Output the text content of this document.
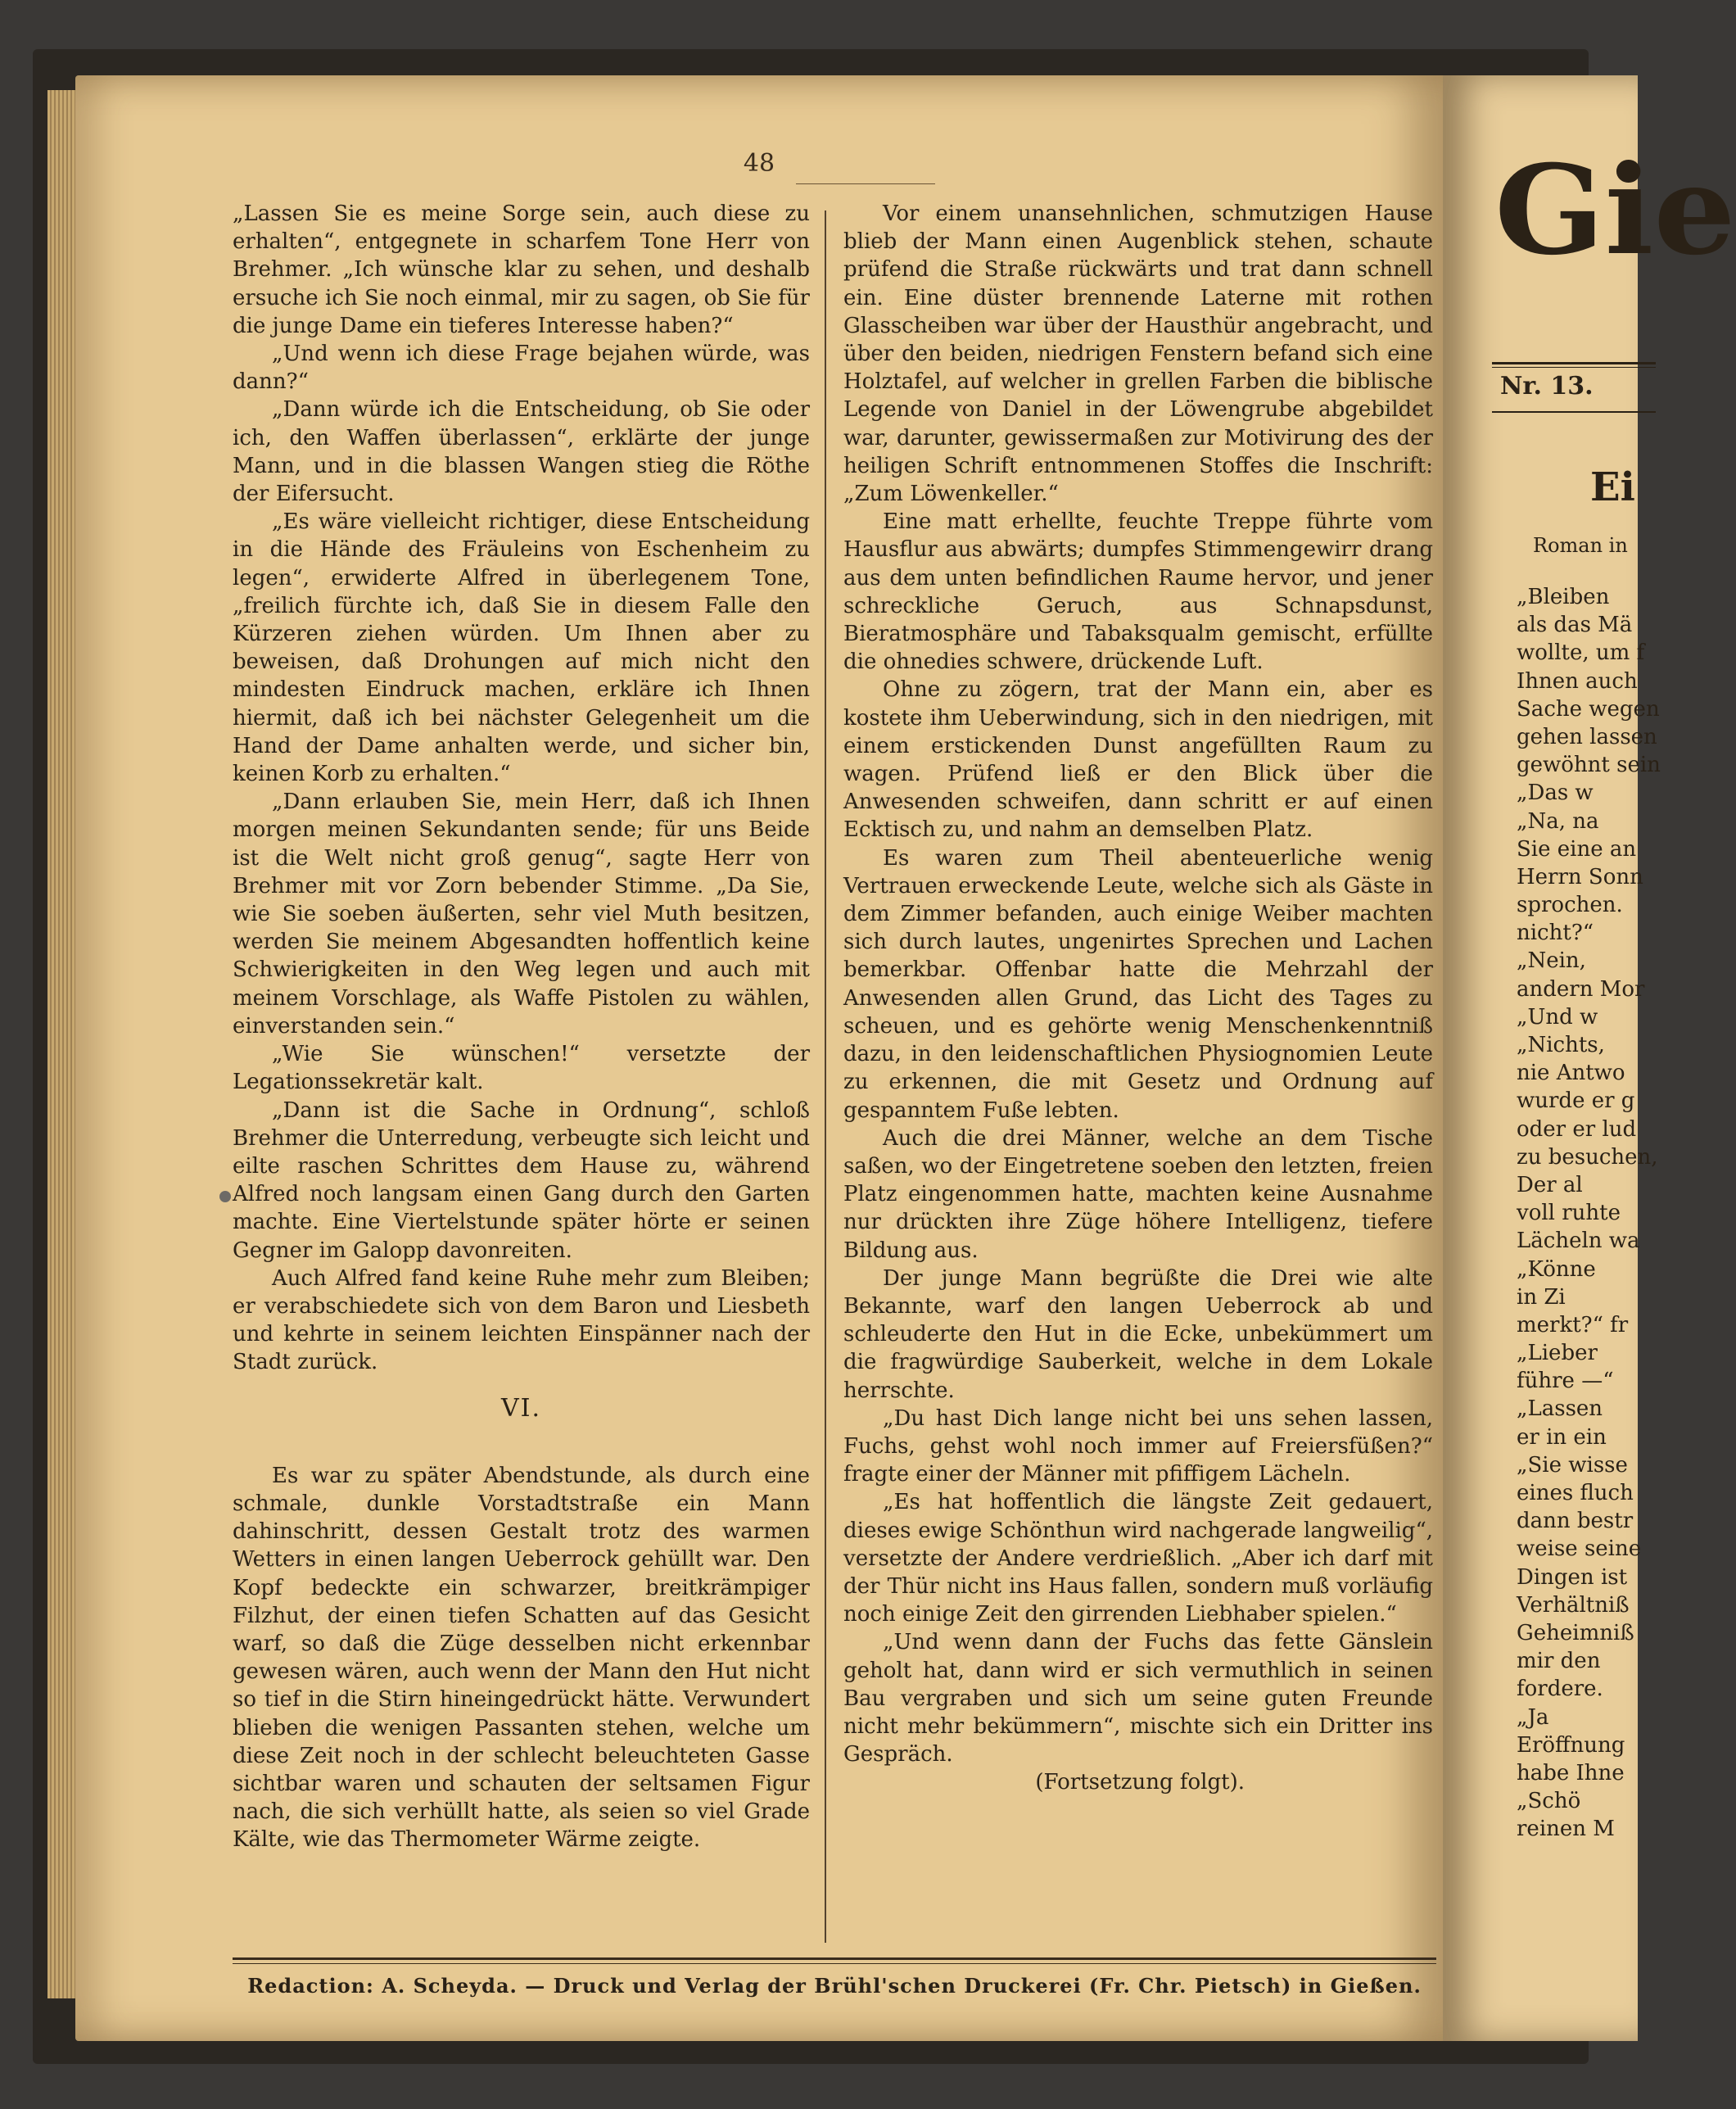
48

„Lassen Sie es meine Sorge sein, auch diese zu erhalten“, entgegnete in scharfem Tone Herr von Brehmer. „Ich wünsche klar zu sehen, und deshalb ersuche ich Sie noch einmal, mir zu sagen, ob Sie für die junge Dame ein tieferes Interesse haben?“

„Und wenn ich diese Frage bejahen würde, was dann?“

„Dann würde ich die Entscheidung, ob Sie oder ich, den Waffen überlassen“, erklärte der junge Mann, und in die blassen Wangen stieg die Röthe der Eifersucht.

„Es wäre vielleicht richtiger, diese Entscheidung in die Hände des Fräuleins von Eschenheim zu legen“, erwiderte Alfred in überlegenem Tone, „freilich fürchte ich, daß Sie in diesem Falle den Kürzeren ziehen würden. Um Ihnen aber zu beweisen, daß Drohungen auf mich nicht den mindesten Eindruck machen, erkläre ich Ihnen hiermit, daß ich bei nächster Gelegenheit um die Hand der Dame anhalten werde, und sicher bin, keinen Korb zu erhalten.“

„Dann erlauben Sie, mein Herr, daß ich Ihnen morgen meinen Sekundanten sende; für uns Beide ist die Welt nicht groß genug“, sagte Herr von Brehmer mit vor Zorn bebender Stimme. „Da Sie, wie Sie soeben äußerten, sehr viel Muth besitzen, werden Sie meinem Abgesandten hoffentlich keine Schwierigkeiten in den Weg legen und auch mit meinem Vorschlage, als Waffe Pistolen zu wählen, einverstanden sein.“

„Wie Sie wünschen!“ versetzte der Legationssekretär kalt.

„Dann ist die Sache in Ordnung“, schloß Brehmer die Unterredung, verbeugte sich leicht und eilte raschen Schrittes dem Hause zu, während Alfred noch langsam einen Gang durch den Garten machte. Eine Viertelstunde später hörte er seinen Gegner im Galopp davonreiten.

Auch Alfred fand keine Ruhe mehr zum Bleiben; er verabschiedete sich von dem Baron und Liesbeth und kehrte in seinem leichten Einspänner nach der Stadt zurück.

VI.

Es war zu später Abendstunde, als durch eine schmale, dunkle Vorstadtstraße ein Mann dahinschritt, dessen Gestalt trotz des warmen Wetters in einen langen Ueberrock gehüllt war. Den Kopf bedeckte ein schwarzer, breitkrämpiger Filzhut, der einen tiefen Schatten auf das Gesicht warf, so daß die Züge desselben nicht erkennbar gewesen wären, auch wenn der Mann den Hut nicht so tief in die Stirn hineingedrückt hätte. Verwundert blieben die wenigen Passanten stehen, welche um diese Zeit noch in der schlecht beleuchteten Gasse sichtbar waren und schauten der seltsamen Figur nach, die sich verhüllt hatte, als seien so viel Grade Kälte, wie das Thermometer Wärme zeigte.

Vor einem unansehnlichen, schmutzigen Hause blieb der Mann einen Augenblick stehen, schaute prüfend die Straße rückwärts und trat dann schnell ein. Eine düster brennende Laterne mit rothen Glasscheiben war über der Hausthür angebracht, und über den beiden, niedrigen Fenstern befand sich eine Holztafel, auf welcher in grellen Farben die biblische Legende von Daniel in der Löwengrube abgebildet war, darunter, gewissermaßen zur Motivirung des der heiligen Schrift entnommenen Stoffes die Inschrift: „Zum Löwenkeller.“

Eine matt erhellte, feuchte Treppe führte vom Hausflur aus abwärts; dumpfes Stimmengewirr drang aus dem unten befindlichen Raume hervor, und jener schreckliche Geruch, aus Schnapsdunst, Bieratmosphäre und Tabaksqualm gemischt, erfüllte die ohnedies schwere, drückende Luft.

Ohne zu zögern, trat der Mann ein, aber es kostete ihm Ueberwindung, sich in den niedrigen, mit einem erstickenden Dunst angefüllten Raum zu wagen. Prüfend ließ er den Blick über die Anwesenden schweifen, dann schritt er auf einen Ecktisch zu, und nahm an demselben Platz.

Es waren zum Theil abenteuerliche wenig Vertrauen erweckende Leute, welche sich als Gäste in dem Zimmer befanden, auch einige Weiber machten sich durch lautes, ungenirtes Sprechen und Lachen bemerkbar. Offenbar hatte die Mehrzahl der Anwesenden allen Grund, das Licht des Tages zu scheuen, und es gehörte wenig Menschenkenntniß dazu, in den leidenschaftlichen Physiognomien Leute zu erkennen, die mit Gesetz und Ordnung auf gespanntem Fuße lebten.

Auch die drei Männer, welche an dem Tische saßen, wo der Eingetretene soeben den letzten, freien Platz eingenommen hatte, machten keine Ausnahme nur drückten ihre Züge höhere Intelligenz, tiefere Bildung aus.

Der junge Mann begrüßte die Drei wie alte Bekannte, warf den langen Ueberrock ab und schleuderte den Hut in die Ecke, unbekümmert um die fragwürdige Sauberkeit, welche in dem Lokale herrschte.

„Du hast Dich lange nicht bei uns sehen lassen, Fuchs, gehst wohl noch immer auf Freiersfüßen?“ fragte einer der Männer mit pfiffigem Lächeln.

„Es hat hoffentlich die längste Zeit gedauert, dieses ewige Schönthun wird nachgerade langweilig“, versetzte der Andere verdrießlich. „Aber ich darf mit der Thür nicht ins Haus fallen, sondern muß vorläufig noch einige Zeit den girrenden Liebhaber spielen.“

„Und wenn dann der Fuchs das fette Gänslein geholt hat, dann wird er sich vermuthlich in seinen Bau vergraben und sich um seine guten Freunde nicht mehr bekümmern“, mischte sich ein Dritter ins Gespräch.

(Fortsetzung folgt).

Redaction: A. Scheyda. — Druck und Verlag der Brühl'schen Druckerei (Fr. Chr. Pietsch) in Gießen.
Gie
Nr. 13.
Ei
Roman in
„Bleiben
als das Mä
wollte, um f
Ihnen auch
Sache wegen
gehen lassen
gewöhnt sein
„Das w
„Na, na
Sie eine an
Herrn Sonn
sprochen.
nicht?“
„Nein,
andern Mor
„Und w
„Nichts,
nie Antwo
wurde er g
oder er lud
zu besuchen,
Der al
voll ruhte
Lächeln wa
„Könne
in Zi
merkt?“ fr
„Lieber
führe —“
„Lassen
er in ein
„Sie wisse
eines fluch
dann bestr
weise seine
Dingen ist
Verhältniß
Geheimniß
mir den
fordere.
„Ja
Eröffnung
habe Ihne
„Schö
reinen M
